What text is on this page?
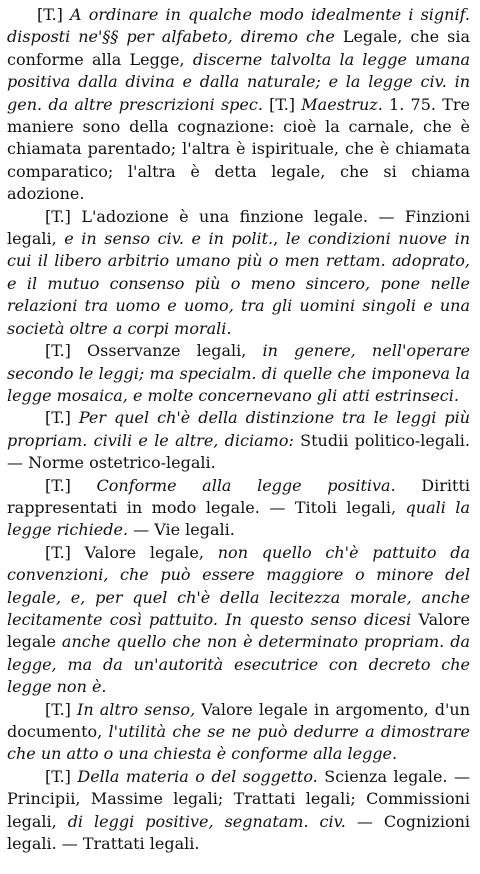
[T.] A ordinare in qualche modo idealmente i signif. disposti ne'§§ per alfabeto, diremo che Legale, che sia conforme alla Legge, discerne talvolta la legge umana positiva dalla divina e dalla naturale; e la legge civ. in gen. da altre prescrizioni spec. [T.] Maestruz. 1. 75. Tre maniere sono della cognazione: cioè la carnale, che è chiamata parentado; l'altra è ispirituale, che è chiamata comparatico; l'altra è detta legale, che si chiama adozione.

[T.] L'adozione è una finzione legale. — Finzioni legali, e in senso civ. e in polit., le condizioni nuove in cui il libero arbitrio umano più o men rettam. adoprato, e il mutuo consenso più o meno sincero, pone nelle relazioni tra uomo e uomo, tra gli uomini singoli e una società oltre a corpi morali.

[T.] Osservanze legali, in genere, nell'operare secondo le leggi; ma specialm. di quelle che imponeva la legge mosaica, e molte concernevano gli atti estrinseci.

[T.] Per quel ch'è della distinzione tra le leggi più propriam. civili e le altre, diciamo: Studii politico-legali. — Norme ostetrico-legali.

[T.] Conforme alla legge positiva. Diritti rappresentati in modo legale. — Titoli legali, quali la legge richiede. — Vie legali.

[T.] Valore legale, non quello ch'è pattuito da convenzioni, che può essere maggiore o minore del legale, e, per quel ch'è della lecitezza morale, anche lecitamente così pattuito. In questo senso dicesi Valore legale anche quello che non è determinato propriam. da legge, ma da un'autorità esecutrice con decreto che legge non è.

[T.] In altro senso, Valore legale in argomento, d'un documento, l'utilità che se ne può dedurre a dimostrare che un atto o una chiesta è conforme alla legge.

[T.] Della materia o del soggetto. Scienza legale. — Principii, Massime legali; Trattati legali; Commissioni legali, di leggi positive, segnatam. civ. — Cognizioni legali. — Trattati legali.
